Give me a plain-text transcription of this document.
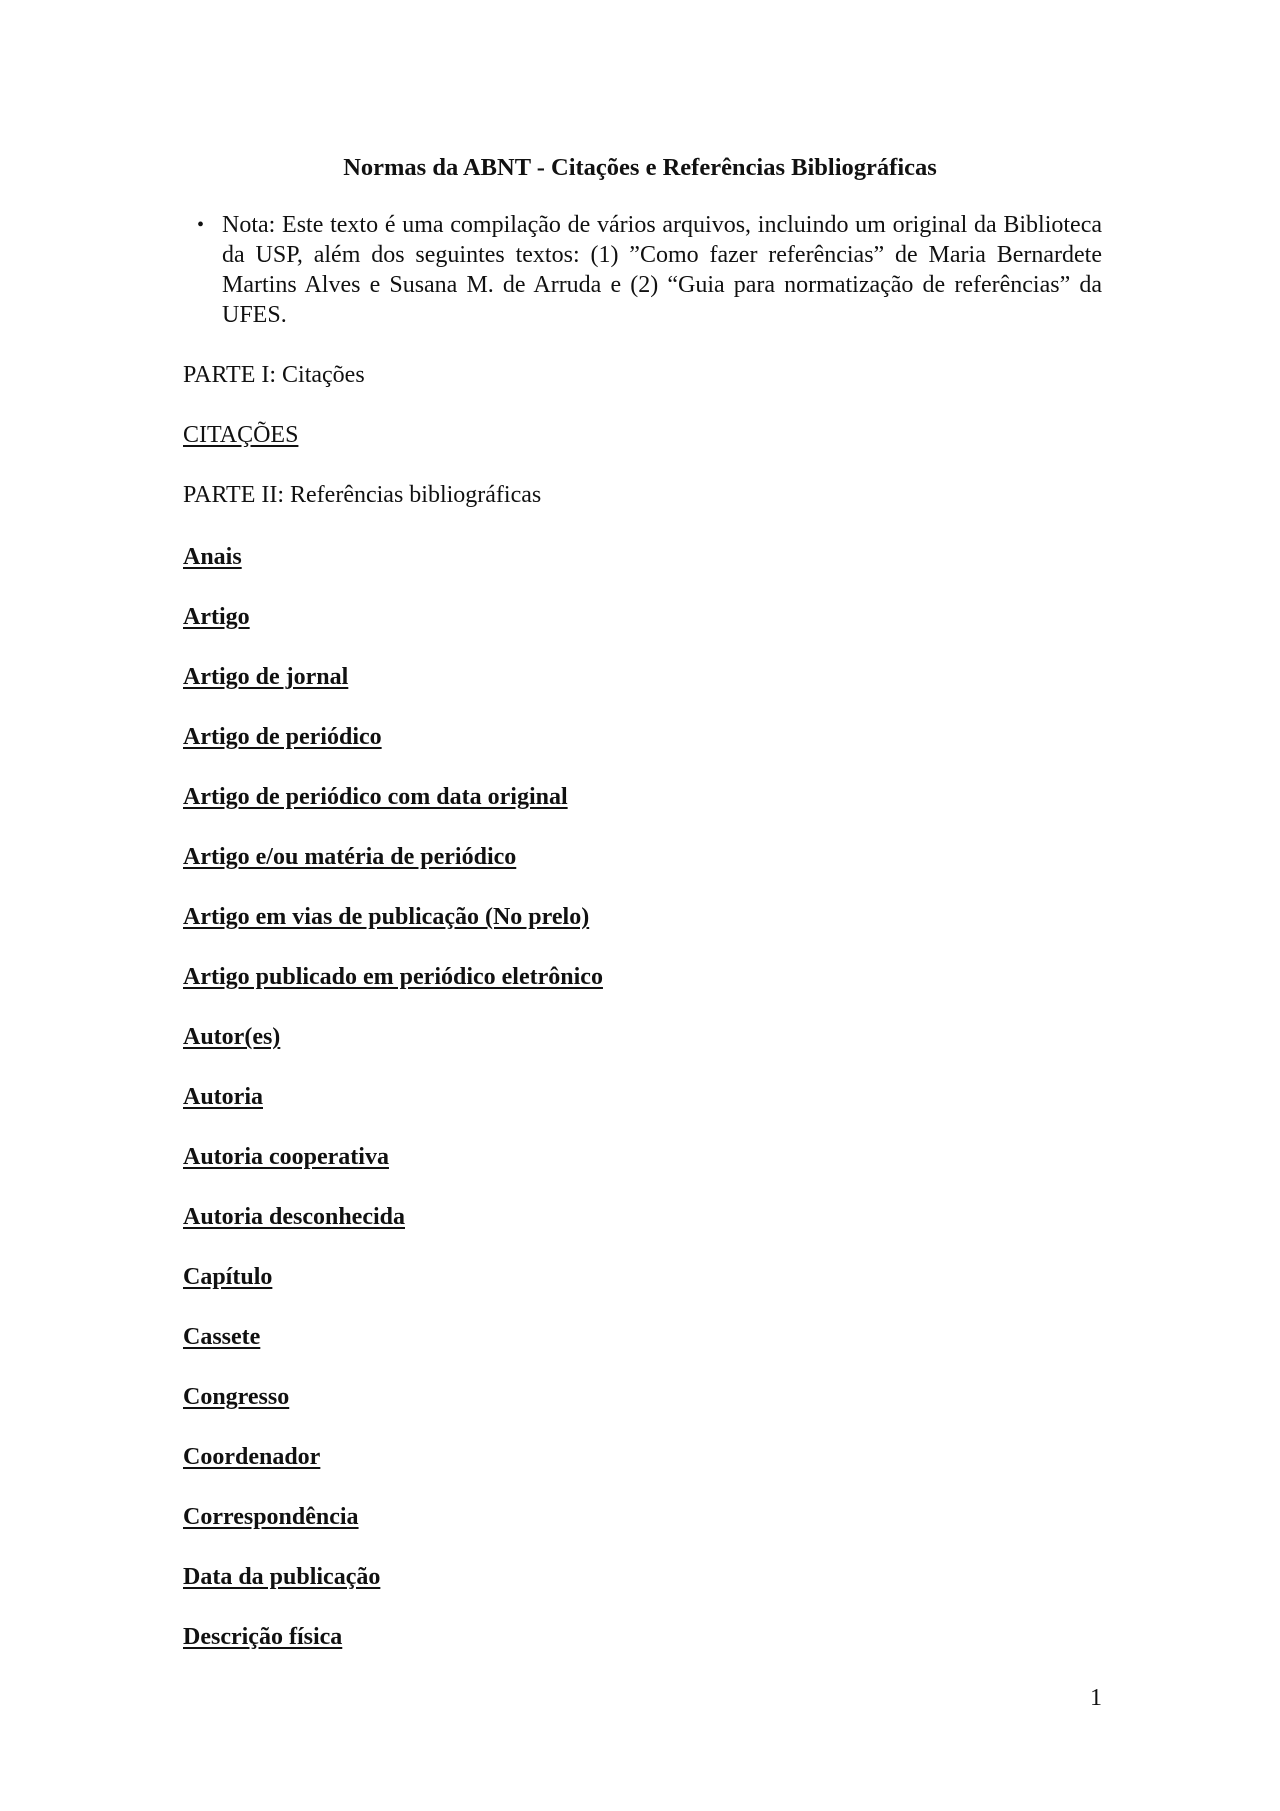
Normas da ABNT - Citações e Referências Bibliográficas
• Nota: Este texto é uma compilação de vários arquivos, incluindo um original da Biblioteca da USP, além dos seguintes textos: (1) ”Como fazer referências” de Maria Bernardete Martins Alves e Susana M. de Arruda e (2) “Guia para normatização de referências” da UFES.
PARTE I: Citações
CITAÇÕES
PARTE II: Referências bibliográficas
Anais
Artigo
Artigo de jornal
Artigo de periódico
Artigo de periódico com data original
Artigo e/ou matéria de periódico
Artigo em vias de publicação (No prelo)
Artigo publicado em periódico eletrônico
Autor(es)
Autoria
Autoria cooperativa
Autoria desconhecida
Capítulo
Cassete
Congresso
Coordenador
Correspondência
Data da publicação
Descrição física
1
